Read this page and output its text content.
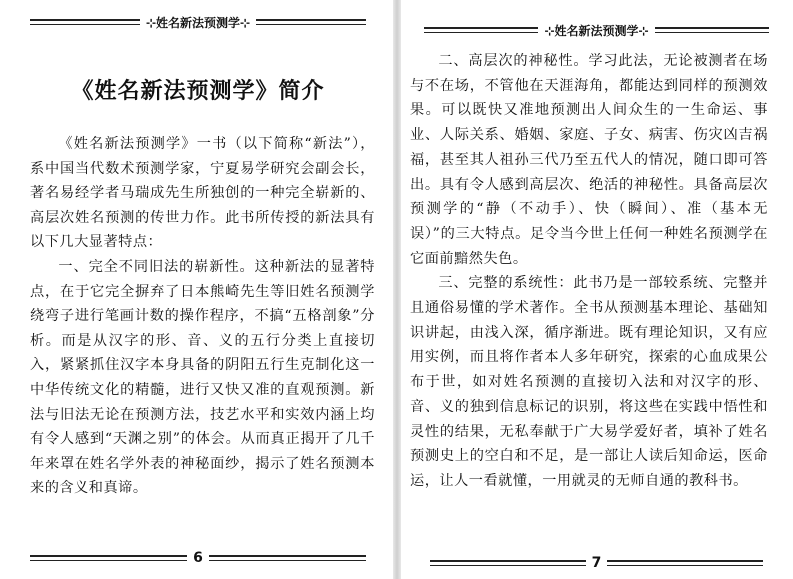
⊹姓名新法预测学⊹
《姓名新法预测学》简介

《姓名新法预测学》一书（以下简称“新法”），系中国当代数术预测学家，宁夏易学研究会副会长，著名易经学者马瑞成先生所独创的一种完全崭新的、高层次姓名预测的传世力作。此书所传授的新法具有以下几大显著特点：

一、完全不同旧法的崭新性。这种新法的显著特点，在于它完全摒弃了日本熊崎先生等旧姓名预测学绕弯子进行笔画计数的操作程序，不搞“五格剖象”分析。而是从汉字的形、音、义的五行分类上直接切入，紧紧抓住汉字本身具备的阴阳五行生克制化这一中华传统文化的精髓，进行又快又准的直观预测。新法与旧法无论在预测方法，技艺水平和实效内涵上均有令人感到“天渊之别”的体会。从而真正揭开了几千年来罩在姓名学外表的神秘面纱，揭示了姓名预测本来的含义和真谛。

6
⊹姓名新法预测学⊹

二、高层次的神秘性。学习此法，无论被测者在场与不在场，不管他在天涯海角，都能达到同样的预测效果。可以既快又准地预测出人间众生的一生命运、事业、人际关系、婚姻、家庭、子女、病害、伤灾凶吉祸福，甚至其人祖孙三代乃至五代人的情况，随口即可答出。具有令人感到高层次、绝活的神秘性。具备高层次预测学的“静（不动手）、快（瞬间）、准（基本无误）”的三大特点。足令当今世上任何一种姓名预测学在它面前黯然失色。

三、完整的系统性：此书乃是一部较系统、完整并且通俗易懂的学术著作。全书从预测基本理论、基础知识讲起，由浅入深，循序渐进。既有理论知识，又有应用实例，而且将作者本人多年研究，探索的心血成果公布于世，如对姓名预测的直接切入法和对汉字的形、音、义的独到信息标记的识别，将这些在实践中悟性和灵性的结果，无私奉献于广大易学爱好者，填补了姓名预测史上的空白和不足，是一部让人读后知命运，医命运，让人一看就懂，一用就灵的无师自通的教科书。

7
